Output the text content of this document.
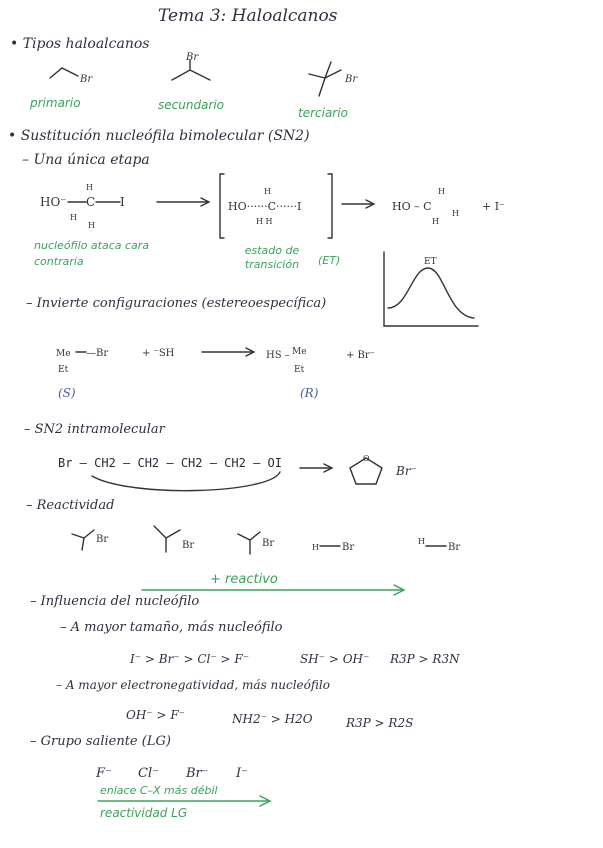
Tema 3: Haloalcanos
• Tipos haloalcanos
Br
Br
Br
primario	secundario
terciario
• Sustitución nucleófila bimolecular (SN2)
– Una única etapa
HO⁻ C
H
I
H
H
→ HO······C······I
H
H H
→ HO – C
H
H
H
+ I⁻
nucleófilo ataca cara contraria
estado de transición	(ET)	ET
– Invierte configuraciones (estereoespecífica)
Me —Br
Et
+ ⁻SH	HS – Me
Et
+ Br⁻
(S)	(R)
– SN2 intramolecular
Br — CH2 – CH2 – CH2 – CH2 – OI	O
Br⁻
– Reactividad
Br
Br	Br	H Br
H
Br
+ reactivo
– Influencia del nucleófilo
– A mayor tamaño, más nucleófilo
I⁻ > Br⁻ > Cl⁻ > F⁻	SH⁻ > OH⁻ R3P > R3N
– A mayor electronegatividad, más nucleófilo
OH⁻ > F⁻	NH2⁻ > H2O	R3P > R2S
– Grupo saliente (LG)
F⁻ Cl⁻ Br⁻ I⁻
enlace C–X más débil
reactividad LG
